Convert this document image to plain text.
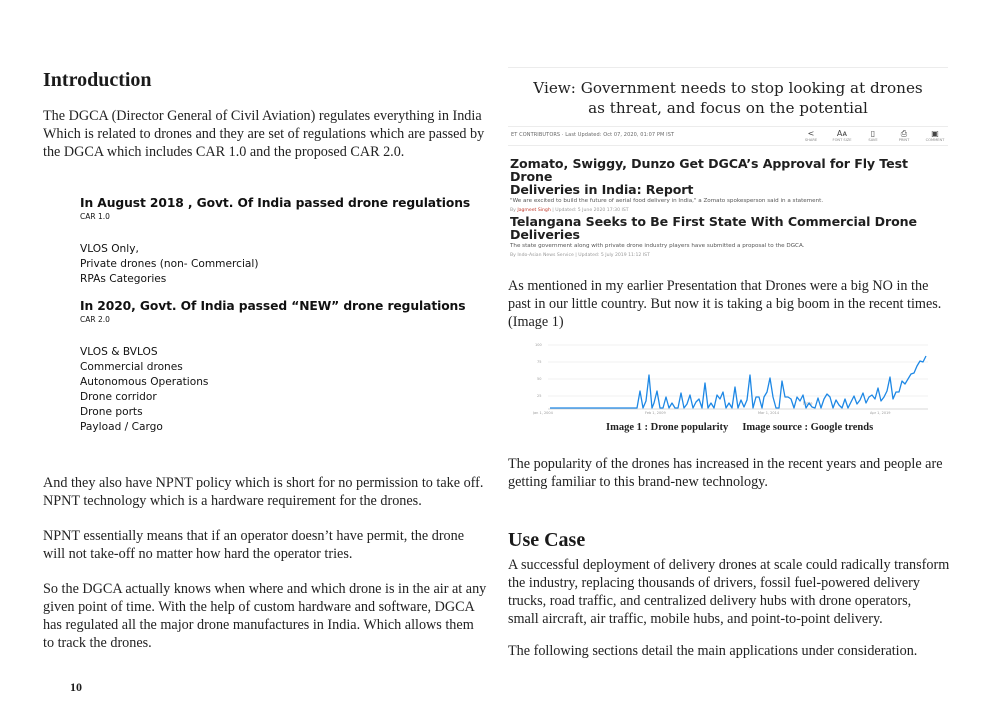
Introduction
The DGCA (Director General of Civil Aviation) regulates everything in India
Which is related to drones and they are set of regulations which are passed by
the DGCA which includes CAR 1.0 and the proposed CAR 2.0.
In August 2018 , Govt. Of India passed drone regulations
CAR 1.0
VLOS Only,
Private drones (non- Commercial)
RPAs Categories
In 2020, Govt. Of India passed “NEW” drone regulations
CAR 2.0
VLOS & BVLOS
Commercial drones
Autonomous Operations
Drone corridor
Drone ports
Payload / Cargo
And they also have NPNT policy which is short for no permission to take off.
NPNT technology which is a hardware requirement for the drones.
NPNT essentially means that if an operator doesn’t have permit, the drone
will not take-off no matter how hard the operator tries.
So the DGCA actually knows when where and which drone is in the air at any
given point of time. With the help of custom hardware and software, DGCA
has regulated all the major drone manufactures in India. Which allows them
to track the drones.
10
View: Government needs to stop looking at drones
as threat, and focus on the potential
ET CONTRIBUTORS · Last Updated: Oct 07, 2020, 01:07 PM IST	<
SHARE
Aᴀ
FONT SIZE
▯
SAVE
⎙
PRINT
▣
COMMENT
Zomato, Swiggy, Dunzo Get DGCA’s Approval for Fly Test Drone
Deliveries in India: Report
"We are excited to build the future of aerial food delivery in India," a Zomato spokesperson said in a statement.
By Jagmeet Singh | Updated: 5 June 2020 17:30 IST
Telangana Seeks to Be First State With Commercial Drone Deliveries
The state government along with private drone industry players have submitted a proposal to the DGCA.
By Indo-Asian News Service | Updated: 5 July 2019 11:12 IST
As mentioned in my earlier Presentation that Drones were a big NO in the
past in our little country. But now it is taking a big boom in the recent times.
(Image 1)
100
75
50
25
Jan 1, 2004	Feb 1, 2009	Mar 1, 2014	Apr 1, 2019
Note
Image 1 : Drone popularity Image source : Google trends
The popularity of the drones has increased in the recent years and people are
getting familiar to this brand-new technology.
Use Case
A successful deployment of delivery drones at scale could radically transform
the industry, replacing thousands of drivers, fossil fuel-powered delivery
trucks, road traffic, and centralized delivery hubs with drone operators,
small aircraft, air traffic, mobile hubs, and point-to-point delivery.
The following sections detail the main applications under consideration.
